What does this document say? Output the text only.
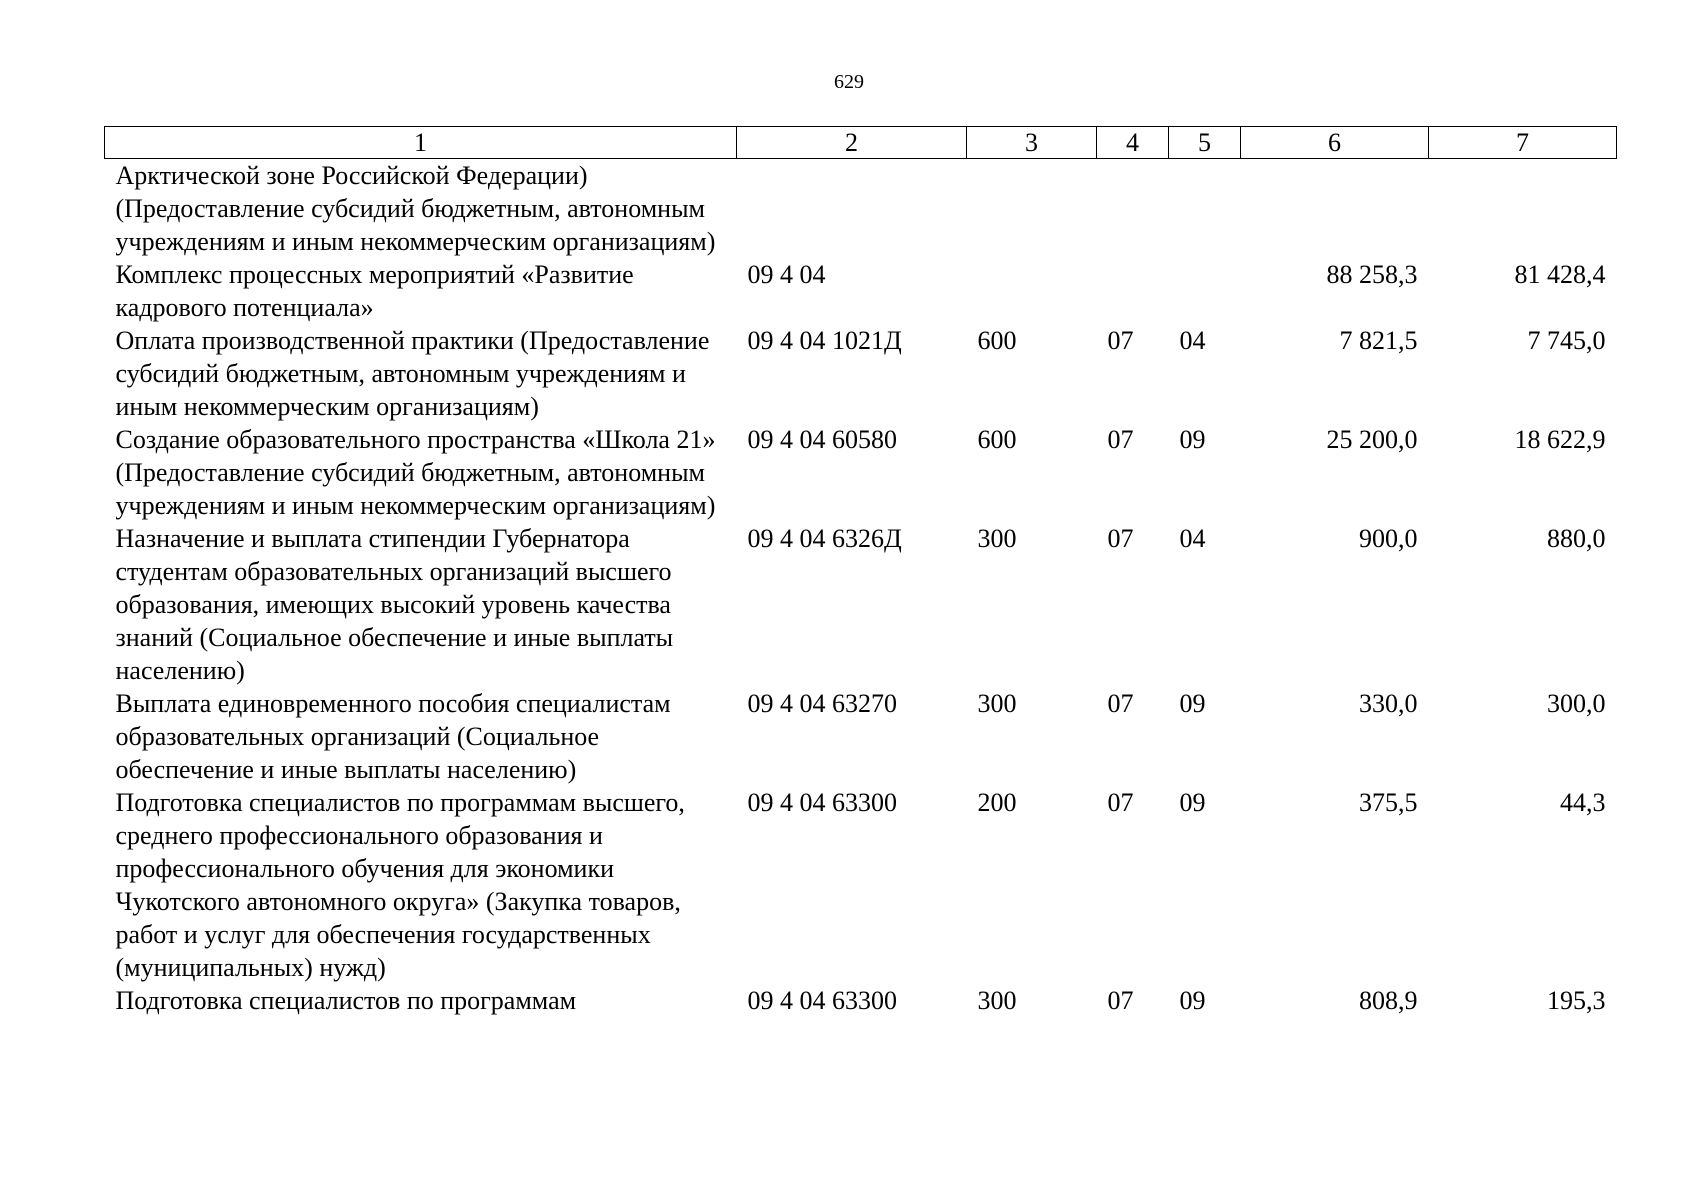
629
1	2	3	4	5	6	7
Арктической зоне Российской Федерации) (Предоставление субсидий бюджетным, автономным учреждениям и иным некоммерческим организациям)						
Комплекс процессных мероприятий «Развитие кадрового потенциала»	09 4 04				88 258,3	81 428,4
Оплата производственной практики (Предоставление субсидий бюджетным, автономным учреждениям и иным некоммерческим организациям)	09 4 04 1021Д	600	07	04	7 821,5	7 745,0
Создание образовательного пространства «Школа 21» (Предоставление субсидий бюджетным, автономным учреждениям и иным некоммерческим организациям)	09 4 04 60580	600	07	09	25 200,0	18 622,9
Назначение и выплата стипендии Губернатора студентам образовательных организаций высшего образования, имеющих высокий уровень качества знаний (Социальное обеспечение и иные выплаты населению)	09 4 04 6326Д	300	07	04	900,0	880,0
Выплата единовременного пособия специалистам образовательных организаций (Социальное обеспечение и иные выплаты населению)	09 4 04 63270	300	07	09	330,0	300,0
Подготовка специалистов по программам высшего, среднего профессионального образования и профессионального обучения для экономики Чукотского автономного округа» (Закупка товаров, работ и услуг для обеспечения государственных (муниципальных) нужд)	09 4 04 63300	200	07	09	375,5	44,3
Подготовка специалистов по программам	09 4 04 63300	300	07	09	808,9	195,3
